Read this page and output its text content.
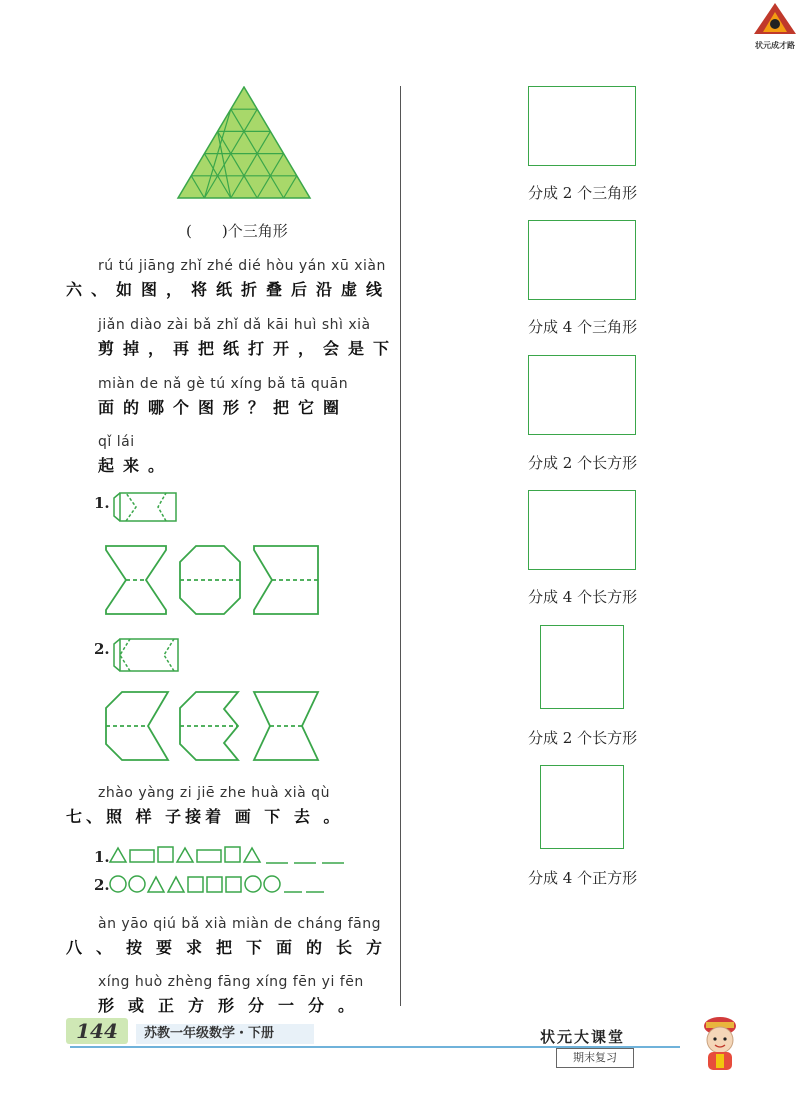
状元成才路
(　　)个三角形
rú tú jiāng zhǐ zhé dié hòu yán xū xiàn
六、如图，将纸折叠后沿虚线
jiǎn diào zài bǎ zhǐ dǎ kāi huì shì xià
剪掉，再把纸打开，会是下
miàn de nǎ gè tú xíng bǎ tā quān
面的哪个图形？把它圈
qǐ lái
起来。
1.
2.
zhào yàng zi jiē zhe huà xià qù
七、照 样 子接着 画 下 去 。
1.
2.
àn yāo qiú bǎ xià miàn de cháng fāng
八、按要求把下面的长方
xíng huò zhèng fāng xíng fēn yi fēn
形或正方形分一分。
分成 2 个三角形
分成 4 个三角形
分成 2 个长方形
分成 4 个长方形
分成 2 个长方形
分成 4 个正方形
144	苏教一年级数学・下册	状元大课堂
期末复习
